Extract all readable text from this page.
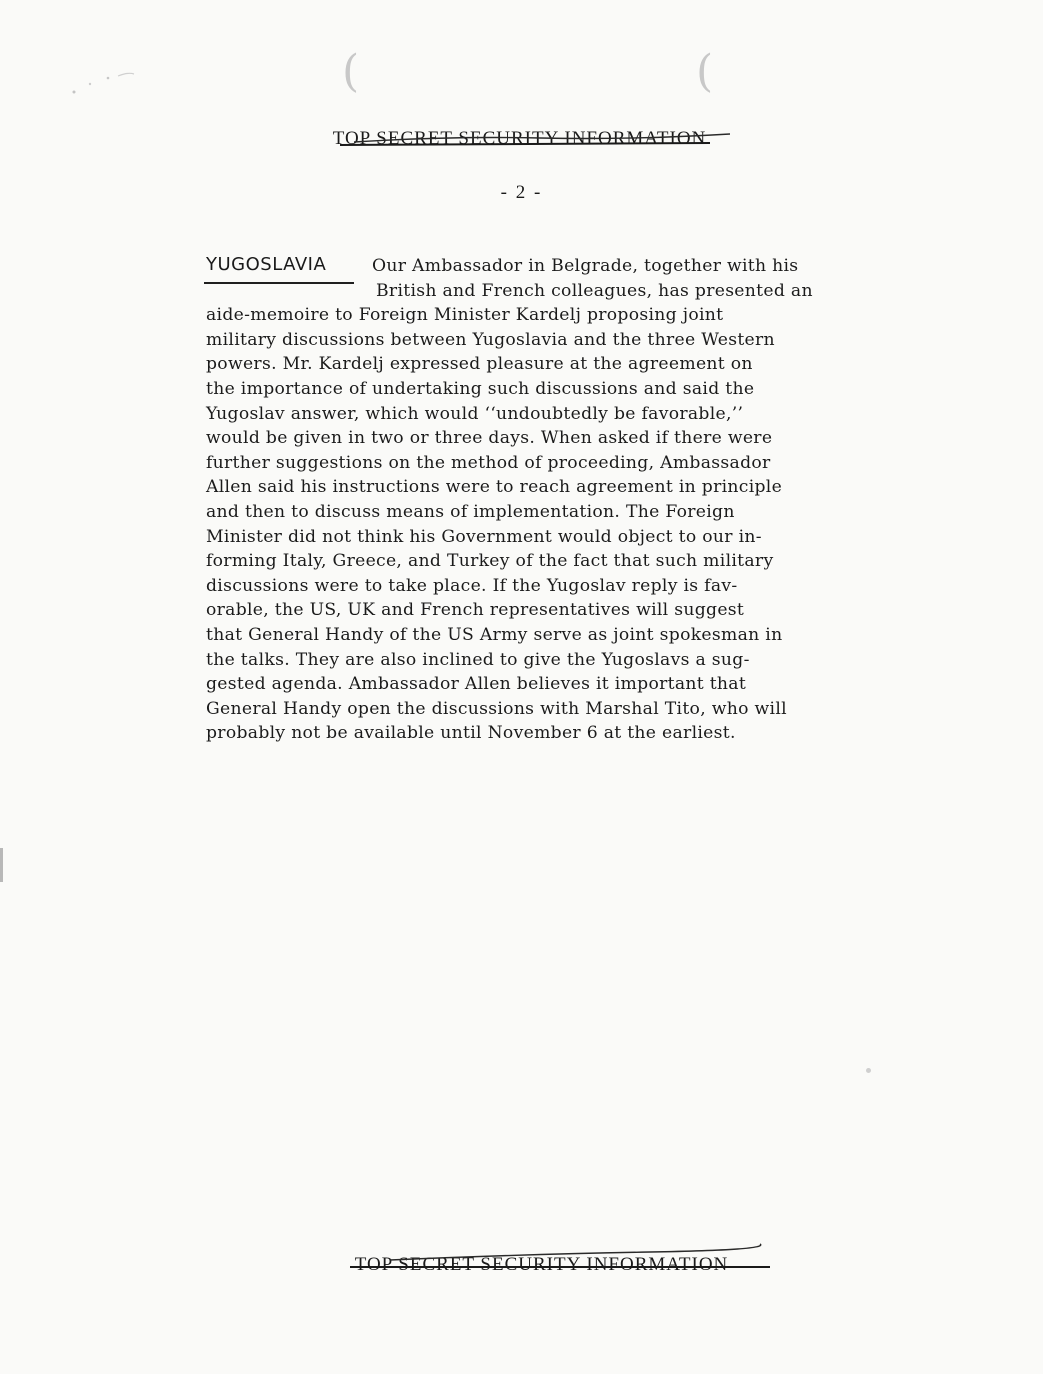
(	(
TOP SECRET SECURITY INFORMATION
- 2 -
YUGOSLAVIA	Our Ambassador in Belgrade, together with his
British and French colleagues, has presented an
aide-memoire to Foreign Minister Kardelj proposing joint
military discussions between Yugoslavia and the three Western
powers. Mr. Kardelj expressed pleasure at the agreement on
the importance of undertaking such discussions and said the
Yugoslav answer, which would ‘‘undoubtedly be favorable,’’
would be given in two or three days. When asked if there were
further suggestions on the method of proceeding, Ambassador
Allen said his instructions were to reach agreement in principle
and then to discuss means of implementation. The Foreign
Minister did not think his Government would object to our in-
forming Italy, Greece, and Turkey of the fact that such military
discussions were to take place. If the Yugoslav reply is fav-
orable, the US, UK and French representatives will suggest
that General Handy of the US Army serve as joint spokesman in
the talks. They are also inclined to give the Yugoslavs a sug-
gested agenda. Ambassador Allen believes it important that
General Handy open the discussions with Marshal Tito, who will
probably not be available until November 6 at the earliest.
TOP SECRET SECURITY INFORMATION
